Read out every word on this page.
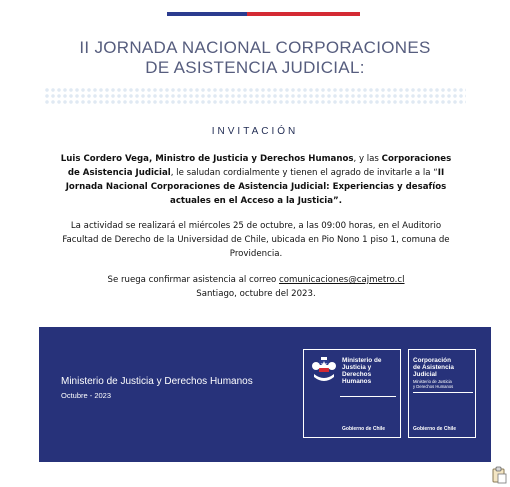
II JORNADA NACIONAL CORPORACIONES
DE ASISTENCIA JUDICIAL:
INVITACIÓN
Luis Cordero Vega, Ministro de Justicia y Derechos Humanos, y las Corporaciones de Asistencia Judicial, le saludan cordialmente y tienen el agrado de invitarle a la “II Jornada Nacional Corporaciones de Asistencia Judicial: Experiencias y desafíos actuales en el Acceso a la Justicia”.
La actividad se realizará el miércoles 25 de octubre, a las 09:00 horas, en el Auditorio Facultad de Derecho de la Universidad de Chile, ubicada en Pio Nono 1 piso 1, comuna de Providencia.
Se ruega confirmar asistencia al correo comunicaciones@cajmetro.cl
Santiago, octubre del 2023.
Ministerio de Justicia y Derechos Humanos
Octubre - 2023
Ministerio de
Justicia y
Derechos
Humanos
Gobierno de Chile
Corporación
de Asistencia
Judicial
Ministerio de Justicia
y Derechos Humanos
Gobierno de Chile
